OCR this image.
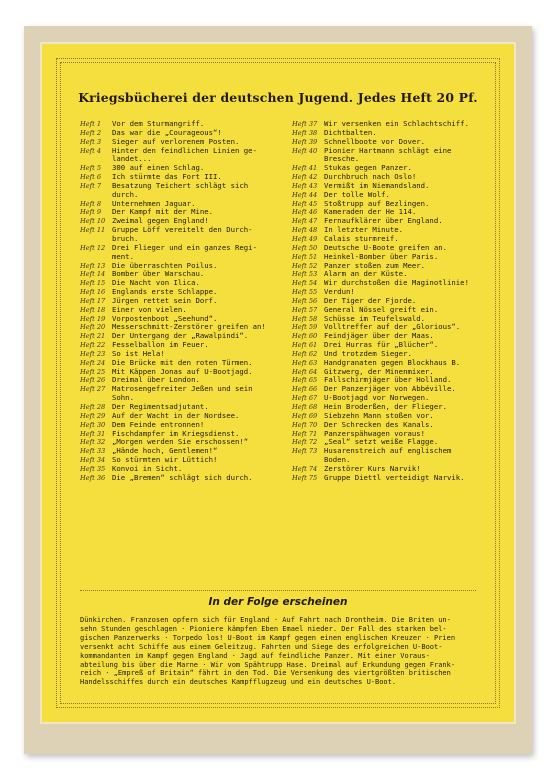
Kriegsbücherei der deutschen Jugend. Jedes Heft 20 Pf.
Heft 1	Vor dem Sturmangriff.
Heft 2	Das war die „Courageous“!
Heft 3	Sieger auf verlorenem Posten.
Heft 4	Hinter den feindlichen Linien ge-
landet...
Heft 5	300 auf einen Schlag.
Heft 6	Ich stürmte das Fort III.
Heft 7	Besatzung Teichert schlägt sich
durch.
Heft 8	Unternehmen Jaguar.
Heft 9	Der Kampf mit der Mine.
Heft 10 Zweimal gegen England!
Heft 11 Gruppe Löff vereitelt den Durch-
bruch.
Heft 12 Drei Flieger und ein ganzes Regi-
ment.
Heft 13 Die überraschten Poilus.
Heft 14 Bomber über Warschau.
Heft 15 Die Nacht von Ilica.
Heft 16 Englands erste Schlappe.
Heft 17 Jürgen rettet sein Dorf.
Heft 18 Einer von vielen.
Heft 19 Vorpostenboot „Seehund“.
Heft 20 Messerschmitt-Zerstörer greifen an!
Heft 21 Der Untergang der „Rawalpindi“.
Heft 22 Fesselballon im Feuer.
Heft 23 So ist Hela!
Heft 24 Die Brücke mit den roten Türmen.
Heft 25 Mit Käppen Jonas auf U-Bootjagd.
Heft 26 Dreimal über London.
Heft 27 Matrosengefreiter Jeßen und sein
Sohn.
Heft 28 Der Regimentsadjutant.
Heft 29 Auf der Wacht in der Nordsee.
Heft 30 Dem Feinde entronnen!
Heft 31 Fischdampfer im Kriegsdienst.
Heft 32 „Morgen werden Sie erschossen!“
Heft 33 „Hände hoch, Gentlemen!“
Heft 34 So stürmten wir Lüttich!
Heft 35 Konvoi in Sicht.
Heft 36 Die „Bremen“ schlägt sich durch.
Heft 37 Wir versenken ein Schlachtschiff.
Heft 38 Dichtbalten.
Heft 39 Schnellboote vor Dover.
Heft 40 Pionier Hartmann schlägt eine
Bresche.
Heft 41 Stukas gegen Panzer.
Heft 42 Durchbruch nach Oslo!
Heft 43 Vermißt im Niemandsland.
Heft 44 Der tolle Wolf.
Heft 45 Stoßtrupp auf Bezlingen.
Heft 46 Kameraden der He 114.
Heft 47 Fernaufklärer über England.
Heft 48 In letzter Minute.
Heft 49 Calais sturmreif.
Heft 50 Deutsche U-Boote greifen an.
Heft 51 Heinkel-Bomber über Paris.
Heft 52 Panzer stoßen zum Meer.
Heft 53 Alarm an der Küste.
Heft 54 Wir durchstoßen die Maginotlinie!
Heft 55 Verdun!
Heft 56 Der Tiger der Fjorde.
Heft 57 General Nössel greift ein.
Heft 58 Schüsse im Teufelswald.
Heft 59 Volltreffer auf der „Glorious“.
Heft 60 Feindjäger über der Maas.
Heft 61 Drei Hurras für „Blücher“.
Heft 62 Und trotzdem Sieger.
Heft 63 Handgranaten gegen Blockhaus B.
Heft 64 Gitzwerg, der Minenmixer.
Heft 65 Fallschirmjäger über Holland.
Heft 66 Der Panzerjäger von Abbéville.
Heft 67 U-Bootjagd vor Norwegen.
Heft 68 Hein Broderßen, der Flieger.
Heft 69 Siebzehn Mann stoßen vor.
Heft 70 Der Schrecken des Kanals.
Heft 71 Panzerspähwagen voraus!
Heft 72 „Seal“ setzt weiße Flagge.
Heft 73 Husarenstreich auf englischem
Boden.
Heft 74 Zerstörer Kurs Narvik!
Heft 75 Gruppe Diettl verteidigt Narvik.
In der Folge erscheinen
Dünkirchen. Franzosen opfern sich für England · Auf Fahrt nach Drontheim. Die Briten un-
sehn Stunden geschlagen · Pioniere kämpfen Eben Emael nieder. Der Fall des starken bel-
gischen Panzerwerks · Torpedo los! U-Boot im Kampf gegen einen englischen Kreuzer · Prien
versenkt acht Schiffe aus einem Geleitzug. Fahrten und Siege des erfolgreichen U-Boot-
kommandanten im Kampf gegen England · Jagd auf feindliche Panzer. Mit einer Voraus-
abteilung bis über die Marne · Wir vom Spähtrupp Hase. Dreimal auf Erkundung gegen Frank-
reich · „Empreß of Britain“ fährt in den Tod. Die Versenkung des viertgrößten britischen
Handelsschiffes durch ein deutsches Kampfflugzeug und ein deutsches U-Boot.
